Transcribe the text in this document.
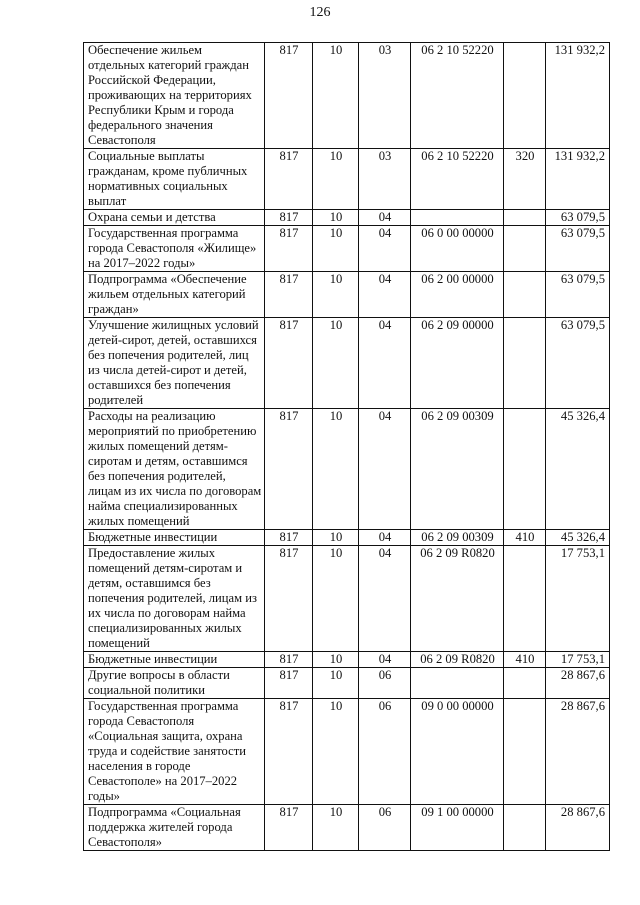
126
Обеспечение жильем отдельных категорий граждан Российской Федерации, проживающих на территориях Республики Крым и города федерального значения Севастополя	817	10	03	06 2 10 52220		131 932,2
Социальные выплаты гражданам, кроме публичных нормативных социальных выплат	817	10	03	06 2 10 52220	320	131 932,2
Охрана семьи и детства	817	10	04			63 079,5
Государственная программа города Севастополя «Жилище» на 2017–2022 годы»	817	10	04	06 0 00 00000		63 079,5
Подпрограмма «Обеспечение жильем отдельных категорий граждан»	817	10	04	06 2 00 00000		63 079,5
Улучшение жилищных условий детей-сирот, детей, оставшихся без попечения родителей, лиц из числа детей-сирот и детей, оставшихся без попечения родителей	817	10	04	06 2 09 00000		63 079,5
Расходы на реализацию мероприятий по приобретению жилых помещений детям-сиротам и детям, оставшимся без попечения родителей, лицам из их числа по договорам найма специализированных жилых помещений	817	10	04	06 2 09 00309		45 326,4
Бюджетные инвестиции	817	10	04	06 2 09 00309	410	45 326,4
Предоставление жилых помещений детям-сиротам и детям, оставшимся без попечения родителей, лицам из их числа по договорам найма специализированных жилых помещений	817	10	04	06 2 09 R0820		17 753,1
Бюджетные инвестиции	817	10	04	06 2 09 R0820	410	17 753,1
Другие вопросы в области социальной политики	817	10	06			28 867,6
Государственная программа города Севастополя «Социальная защита, охрана труда и содействие занятости населения в городе Севастополе» на 2017–2022 годы»	817	10	06	09 0 00 00000		28 867,6
Подпрограмма «Социальная поддержка жителей города Севастополя»	817	10	06	09 1 00 00000		28 867,6
